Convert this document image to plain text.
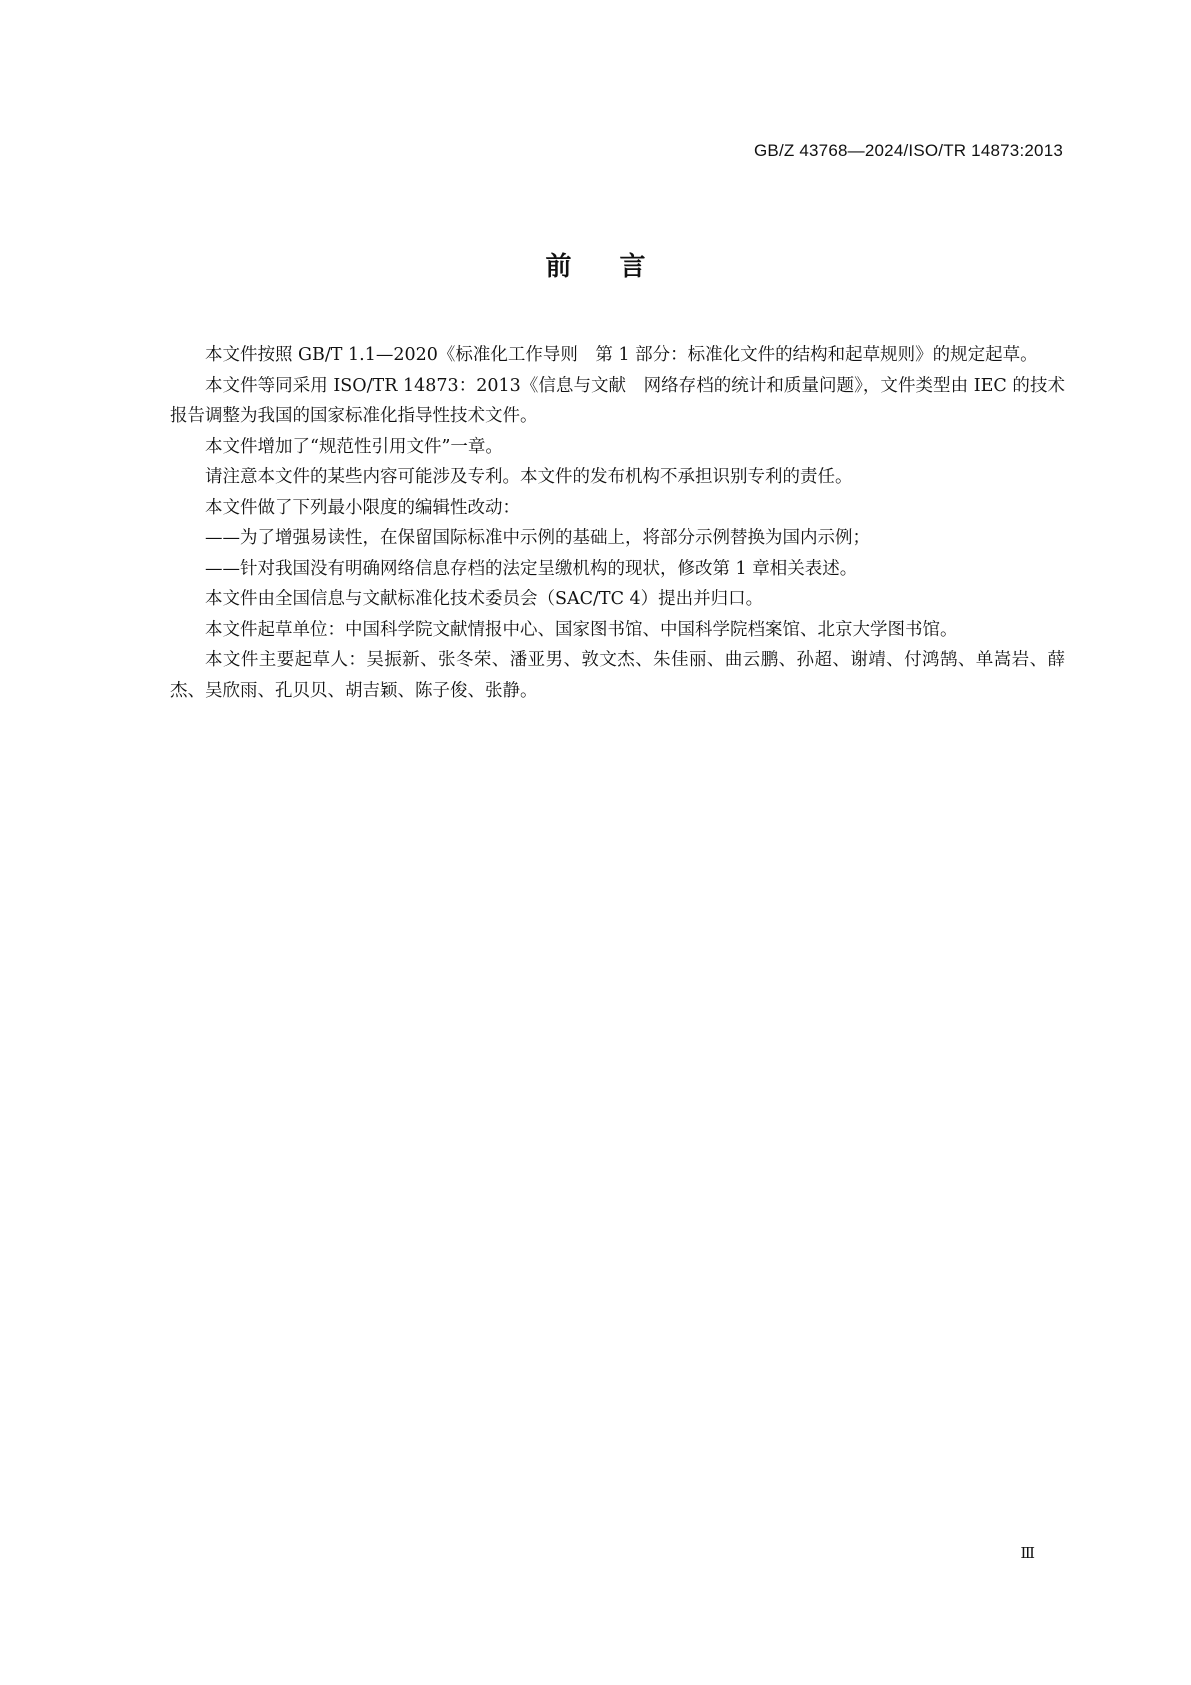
GB/Z 43768—2024/ISO/TR 14873:2013
前言

本文件按照 GB/T 1.1—2020《标准化工作导则　第 1 部分：标准化文件的结构和起草规则》的规定起草。

本文件等同采用 ISO/TR 14873：2013《信息与文献　网络存档的统计和质量问题》，文件类型由 IEC 的技术报告调整为我国的国家标准化指导性技术文件。

本文件增加了“规范性引用文件”一章。

请注意本文件的某些内容可能涉及专利。本文件的发布机构不承担识别专利的责任。

本文件做了下列最小限度的编辑性改动：

——为了增强易读性，在保留国际标准中示例的基础上，将部分示例替换为国内示例；

——针对我国没有明确网络信息存档的法定呈缴机构的现状，修改第 1 章相关表述。

本文件由全国信息与文献标准化技术委员会（SAC/TC 4）提出并归口。

本文件起草单位：中国科学院文献情报中心、国家图书馆、中国科学院档案馆、北京大学图书馆。

本文件主要起草人：吴振新、张冬荣、潘亚男、敦文杰、朱佳丽、曲云鹏、孙超、谢靖、付鸿鹄、单嵩岩、薛杰、吴欣雨、孔贝贝、胡吉颖、陈子俊、张静。

Ⅲ
